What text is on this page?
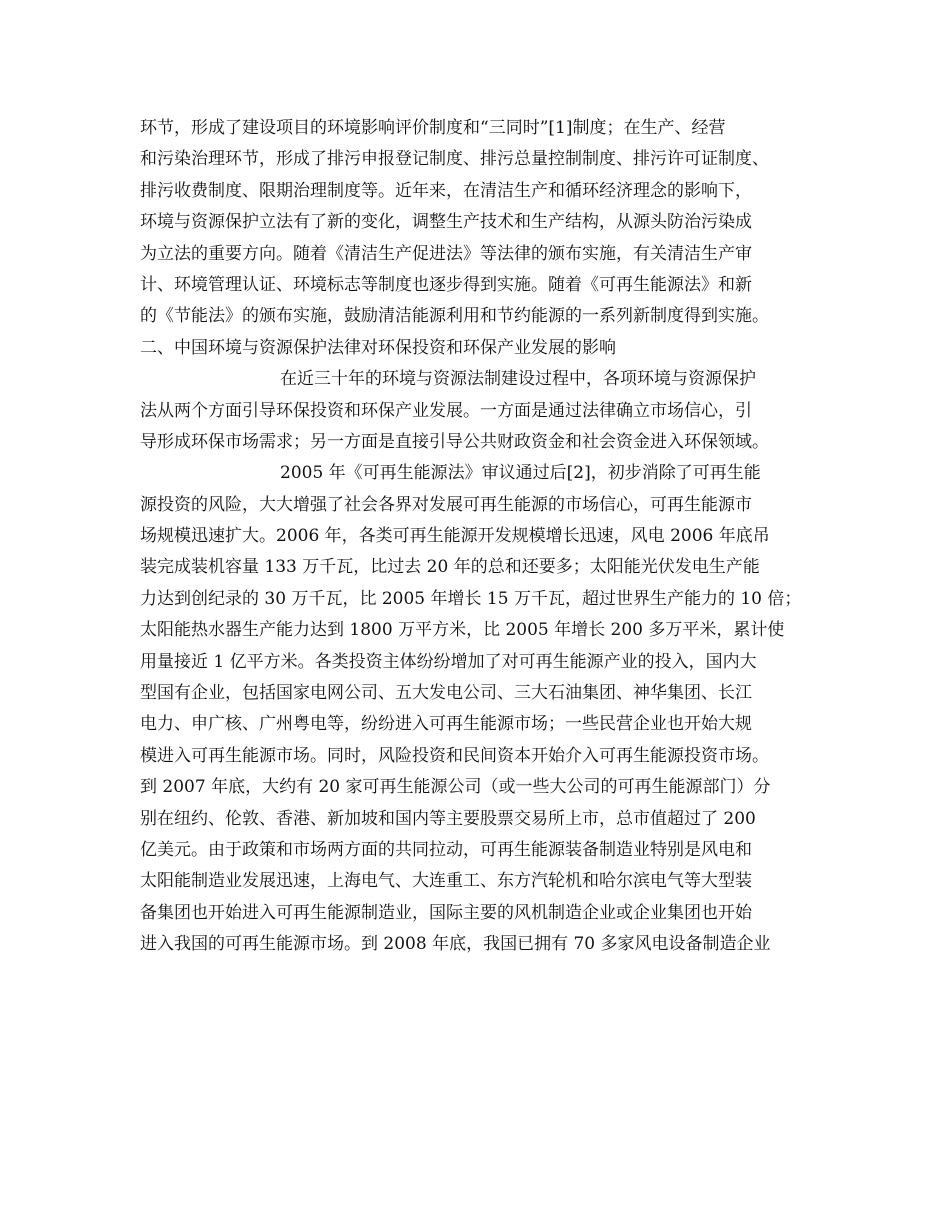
环节，形成了建设项目的环境影响评价制度和“三同时”[1]制度；在生产、经营
和污染治理环节，形成了排污申报登记制度、排污总量控制制度、排污许可证制度、
排污收费制度、限期治理制度等。近年来，在清洁生产和循环经济理念的影响下，
环境与资源保护立法有了新的变化，调整生产技术和生产结构，从源头防治污染成
为立法的重要方向。随着《清洁生产促进法》等法律的颁布实施，有关清洁生产审
计、环境管理认证、环境标志等制度也逐步得到实施。随着《可再生能源法》和新
的《节能法》的颁布实施，鼓励清洁能源利用和节约能源的一系列新制度得到实施。
二、中国环境与资源保护法律对环保投资和环保产业发展的影响
在近三十年的环境与资源法制建设过程中，各项环境与资源保护
法从两个方面引导环保投资和环保产业发展。一方面是通过法律确立市场信心，引
导形成环保市场需求；另一方面是直接引导公共财政资金和社会资金进入环保领域。
2005 年《可再生能源法》审议通过后[2]，初步消除了可再生能
源投资的风险，大大增强了社会各界对发展可再生能源的市场信心，可再生能源市
场规模迅速扩大。2006 年，各类可再生能源开发规模增长迅速，风电 2006 年底吊
装完成装机容量 133 万千瓦，比过去 20 年的总和还要多；太阳能光伏发电生产能
力达到创纪录的 30 万千瓦，比 2005 年增长 15 万千瓦，超过世界生产能力的 10 倍；
太阳能热水器生产能力达到 1800 万平方米，比 2005 年增长 200 多万平米，累计使
用量接近 1 亿平方米。各类投资主体纷纷增加了对可再生能源产业的投入，国内大
型国有企业，包括国家电网公司、五大发电公司、三大石油集团、神华集团、长江
电力、申广核、广州粤电等，纷纷进入可再生能源市场；一些民营企业也开始大规
模进入可再生能源市场。同时，风险投资和民间资本开始介入可再生能源投资市场。
到 2007 年底，大约有 20 家可再生能源公司（或一些大公司的可再生能源部门）分
别在纽约、伦敦、香港、新加坡和国内等主要股票交易所上市，总市值超过了 200
亿美元。由于政策和市场两方面的共同拉动，可再生能源装备制造业特别是风电和
太阳能制造业发展迅速，上海电气、大连重工、东方汽轮机和哈尔滨电气等大型装
备集团也开始进入可再生能源制造业，国际主要的风机制造企业或企业集团也开始
进入我国的可再生能源市场。到 2008 年底，我国已拥有 70 多家风电设备制造企业
